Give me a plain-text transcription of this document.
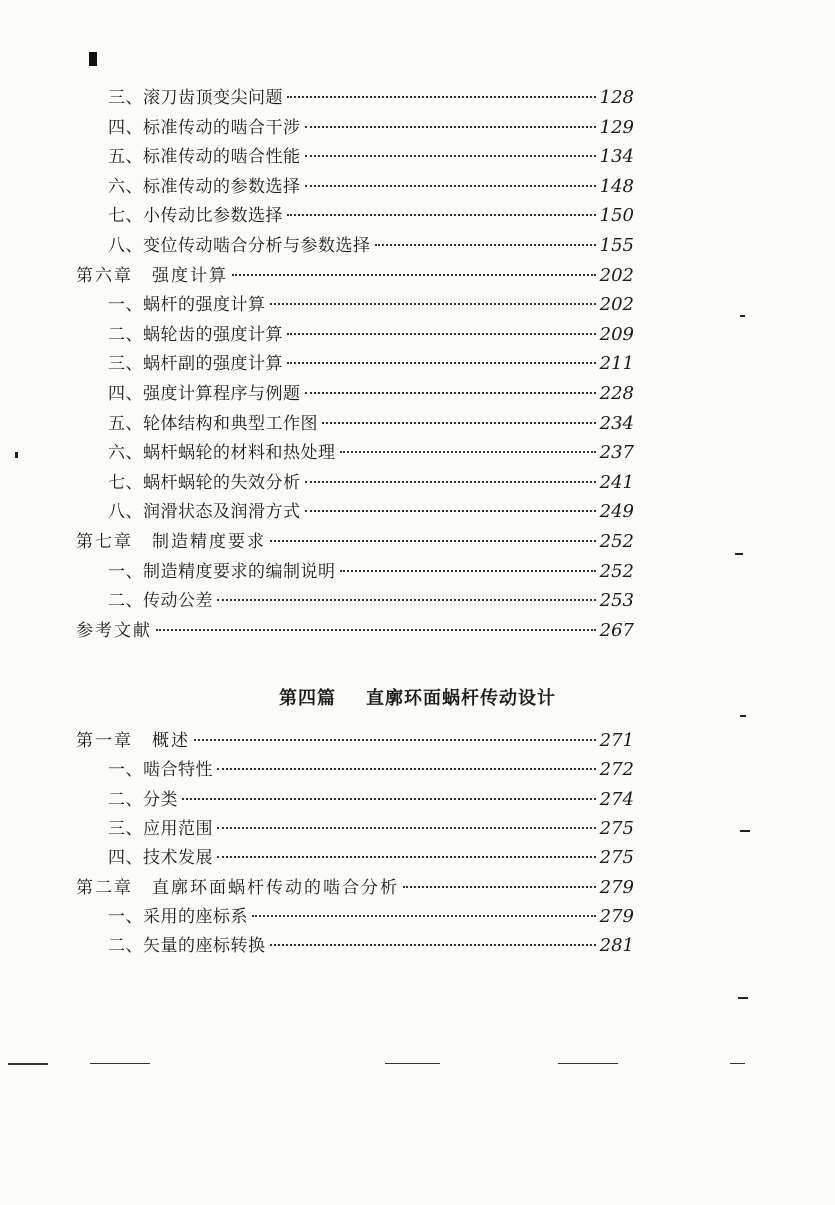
三、滚刀齿顶变尖问题	128
四、标准传动的啮合干涉	129
五、标准传动的啮合性能	134
六、标准传动的参数选择	148
七、小传动比参数选择	150
八、变位传动啮合分析与参数选择	155
第六章　强度计算	202
一、蜗杆的强度计算	202
二、蜗轮齿的强度计算	209
三、蜗杆副的强度计算	211
四、强度计算程序与例题	228
五、轮体结构和典型工作图	234
六、蜗杆蜗轮的材料和热处理	237
七、蜗杆蜗轮的失效分析	241
八、润滑状态及润滑方式	249
第七章　制造精度要求	252
一、制造精度要求的编制说明	252
二、传动公差	253
参考文献	267
第一章　概述	271
一、啮合特性	272
二、分类	274
三、应用范围	275
四、技术发展	275
第二章　直廓环面蜗杆传动的啮合分析	279
一、采用的座标系	279
二、矢量的座标转换	281
第四篇 直廓环面蜗杆传动设计
